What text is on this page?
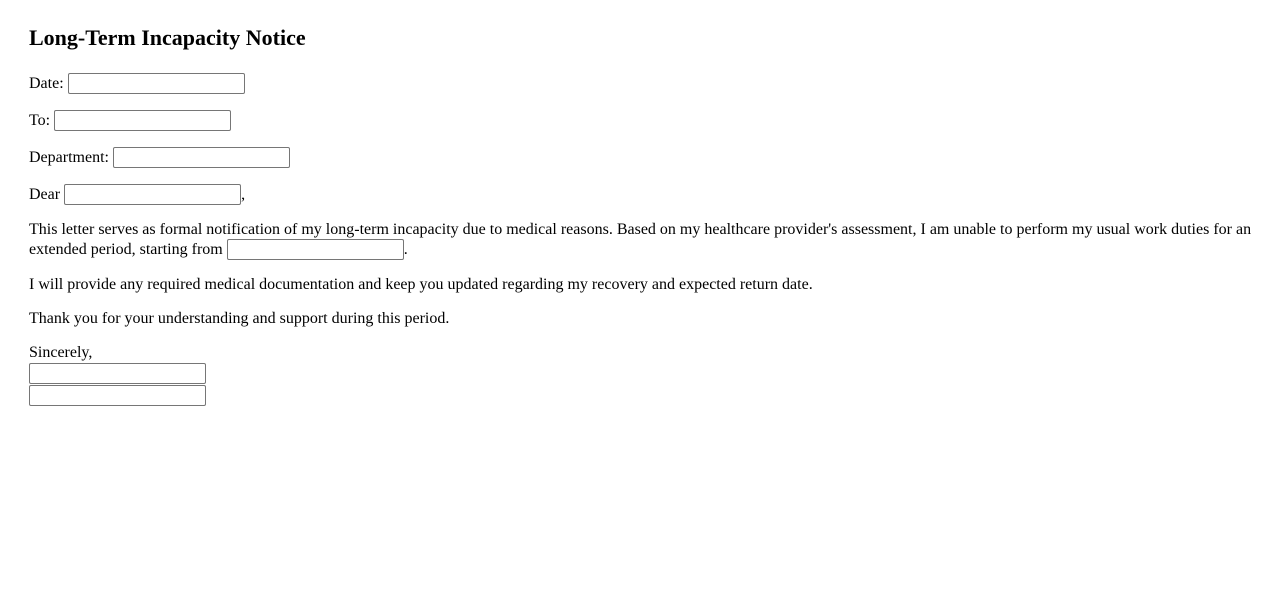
Long-Term Incapacity Notice

Date:

To:

Department:

Dear	,

This letter serves as formal notification of my long-term incapacity due to medical reasons. Based on my healthcare provider's assessment, I am unable to perform my usual work duties for an extended period, starting from	.

I will provide any required medical documentation and keep you updated regarding my recovery and expected return date.

Thank you for your understanding and support during this period.

Sincerely,
